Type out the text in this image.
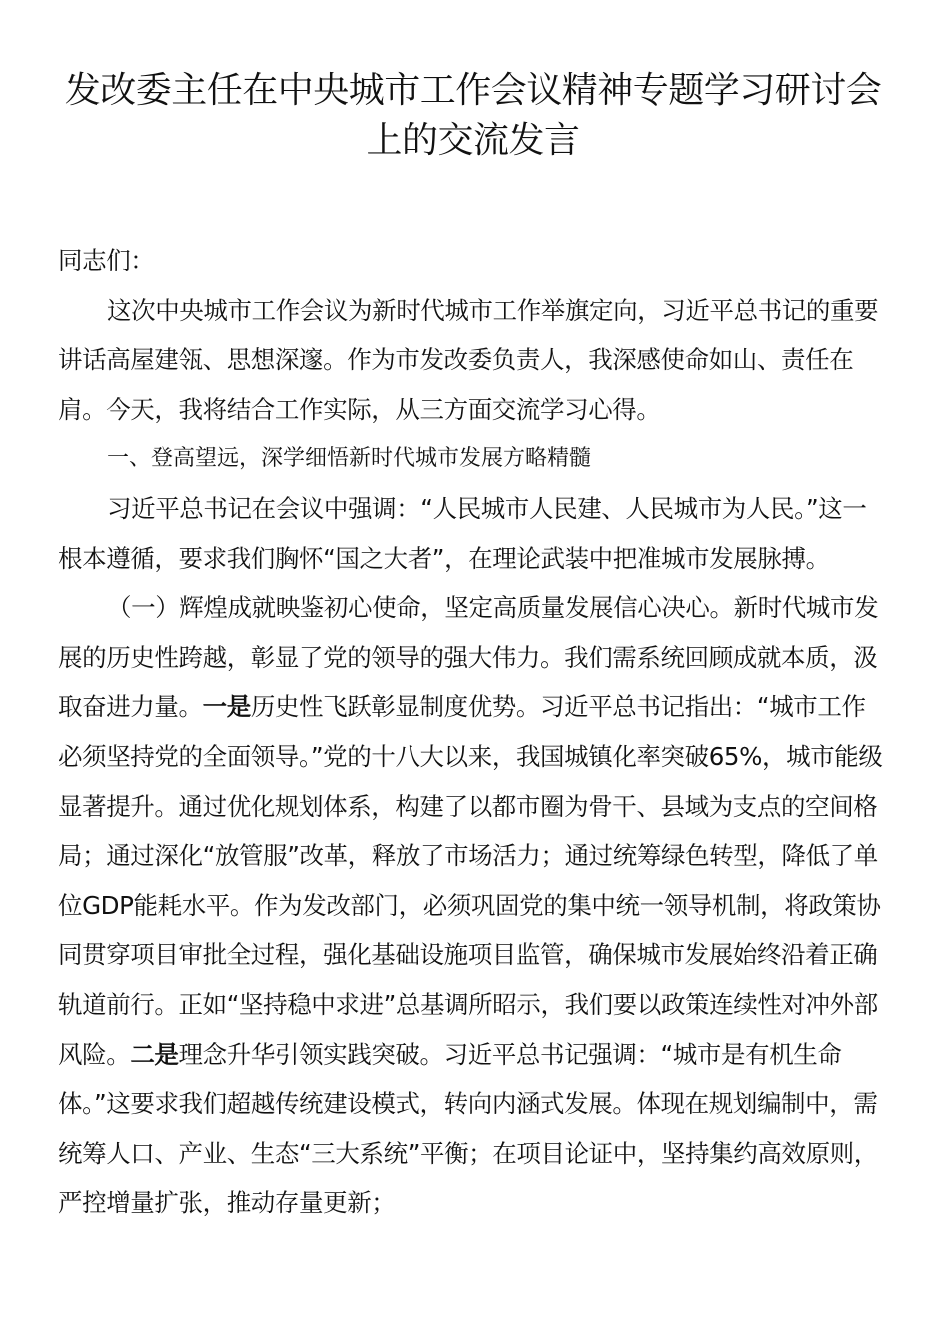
发改委主任在中央城市工作会议精神专题学习研讨会
上的交流发言

同志们：

这次中央城市工作会议为新时代城市工作举旗定向，习近平总书记的重要讲话高屋建瓴、思想深邃。作为市发改委负责人，我深感使命如山、责任在肩。今天，我将结合工作实际，从三方面交流学习心得。

一、登高望远，深学细悟新时代城市发展方略精髓

习近平总书记在会议中强调：“人民城市人民建、人民城市为人民。”这一根本遵循，要求我们胸怀“国之大者”，在理论武装中把准城市发展脉搏。

（一）辉煌成就映鉴初心使命，坚定高质量发展信心决心。新时代城市发展的历史性跨越，彰显了党的领导的强大伟力。我们需系统回顾成就本质，汲取奋进力量。一是历史性飞跃彰显制度优势。习近平总书记指出：“城市工作必须坚持党的全面领导。”党的十八大以来，我国城镇化率突破65%，城市能级显著提升。通过优化规划体系，构建了以都市圈为骨干、县域为支点的空间格局；通过深化“放管服”改革，释放了市场活力；通过统筹绿色转型，降低了单位GDP能耗水平。作为发改部门，必须巩固党的集中统一领导机制，将政策协同贯穿项目审批全过程，强化基础设施项目监管，确保城市发展始终沿着正确轨道前行。正如“坚持稳中求进”总基调所昭示，我们要以政策连续性对冲外部风险。二是理念升华引领实践突破。习近平总书记强调：“城市是有机生命体。”这要求我们超越传统建设模式，转向内涵式发展。体现在规划编制中，需统筹人口、产业、生态“三大系统”平衡；在项目论证中，坚持集约高效原则，严控增量扩张，推动存量更新；
